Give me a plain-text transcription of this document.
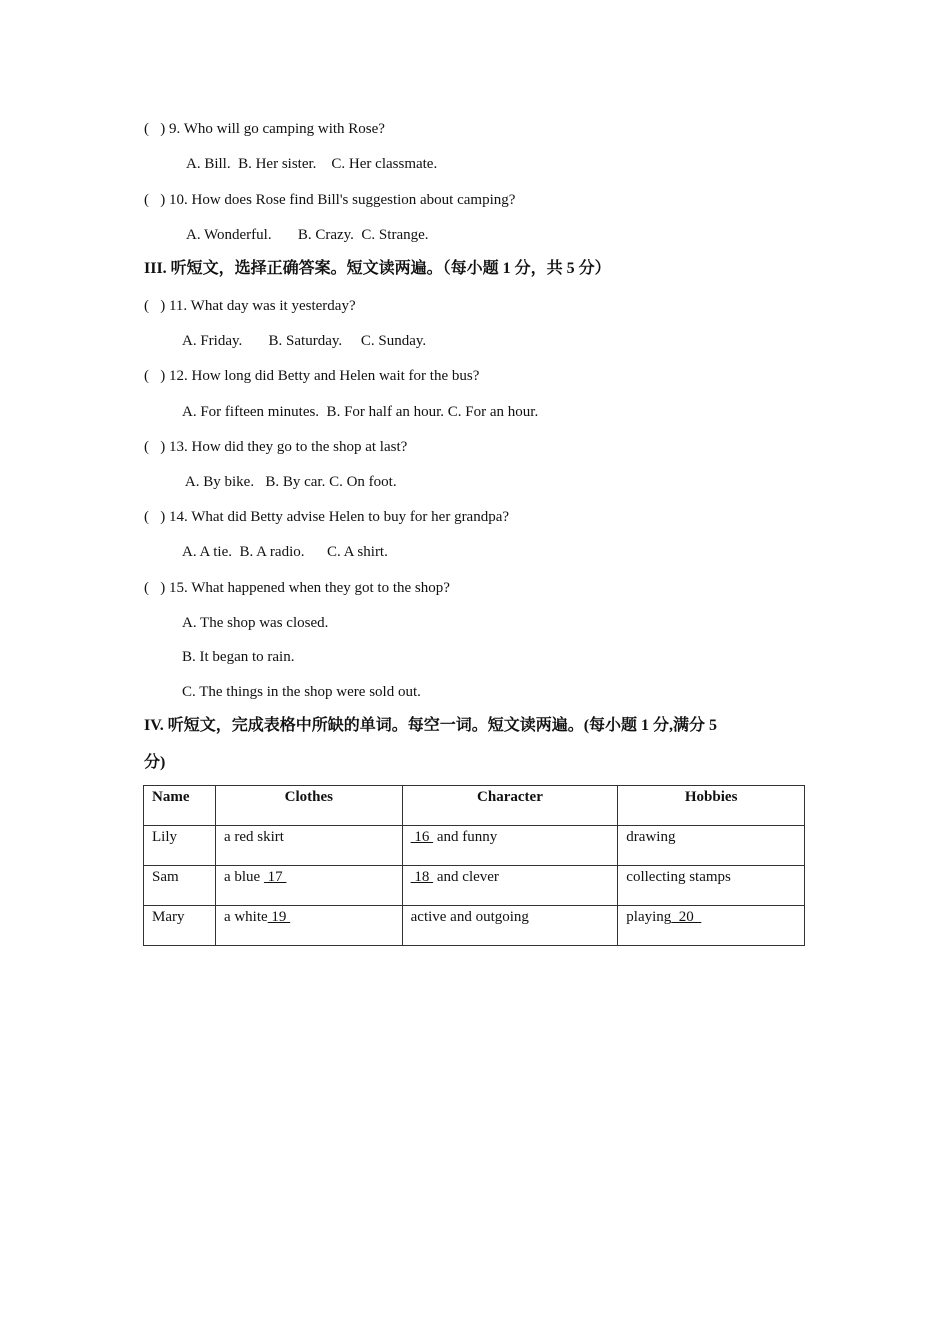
(   ) 9. Who will go camping with Rose?
A. Bill.  B. Her sister.    C. Her classmate.
(   ) 10. How does Rose find Bill's suggestion about camping?
A. Wonderful.       B. Crazy.  C. Strange.
III. 听短文，选择正确答案。短文读两遍。（每小题 1 分，共 5 分）
(   ) 11. What day was it yesterday?
A. Friday.       B. Saturday.     C. Sunday.
(   ) 12. How long did Betty and Helen wait for the bus?
A. For fifteen minutes.  B. For half an hour. C. For an hour.
(   ) 13. How did they go to the shop at last?
A. By bike.   B. By car. C. On foot.
(   ) 14. What did Betty advise Helen to buy for her grandpa?
A. A tie.  B. A radio.      C. A shirt.
(   ) 15. What happened when they got to the shop?
A. The shop was closed.
B. It began to rain.
C. The things in the shop were sold out.
IV. 听短文，完成表格中所缺的单词。每空一词。短文读两遍。(每小题 1 分,满分 5
分)
Name	Clothes	Character	Hobbies
Lily	a red skirt	16  and funny	drawing
Sam	a blue  17	18  and clever	collecting stamps
Mary	a white 19	active and outgoing	playing  20
